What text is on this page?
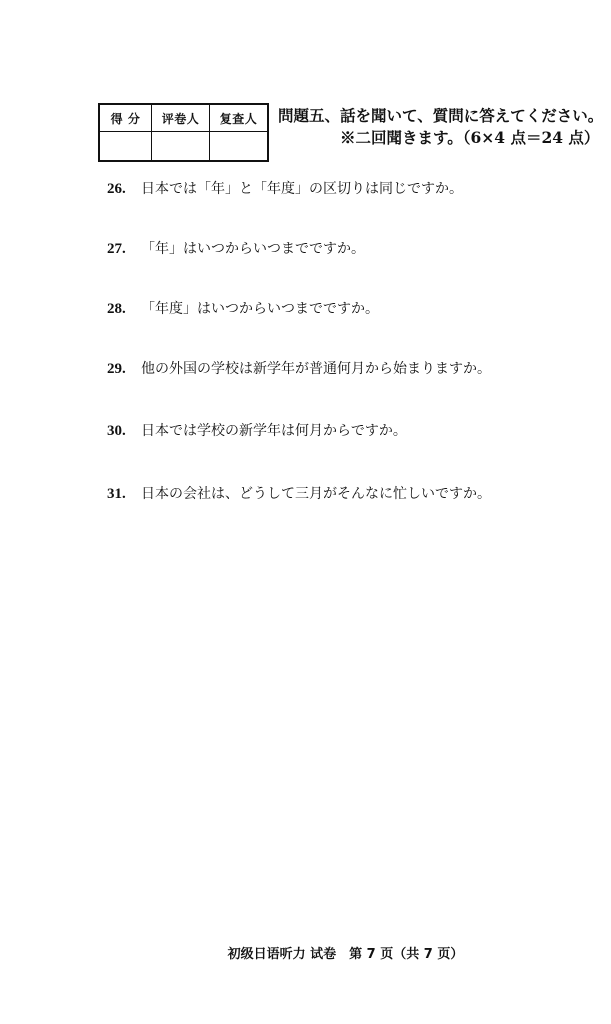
得 分	评卷人	复查人
		問題五、話を聞いて、質問に答えてください。
※二回聞きます。（6×4 点＝24 点）
26. 日本では「年」と「年度」の区切りは同じですか。
27. 「年」はいつからいつまでですか。
28. 「年度」はいつからいつまでですか。
29. 他の外国の学校は新学年が普通何月から始まりますか。
30. 日本では学校の新学年は何月からですか。
31. 日本の会社は、どうして三月がそんなに忙しいですか。
初级日语听力 试卷　第 7 页（共 7 页）
